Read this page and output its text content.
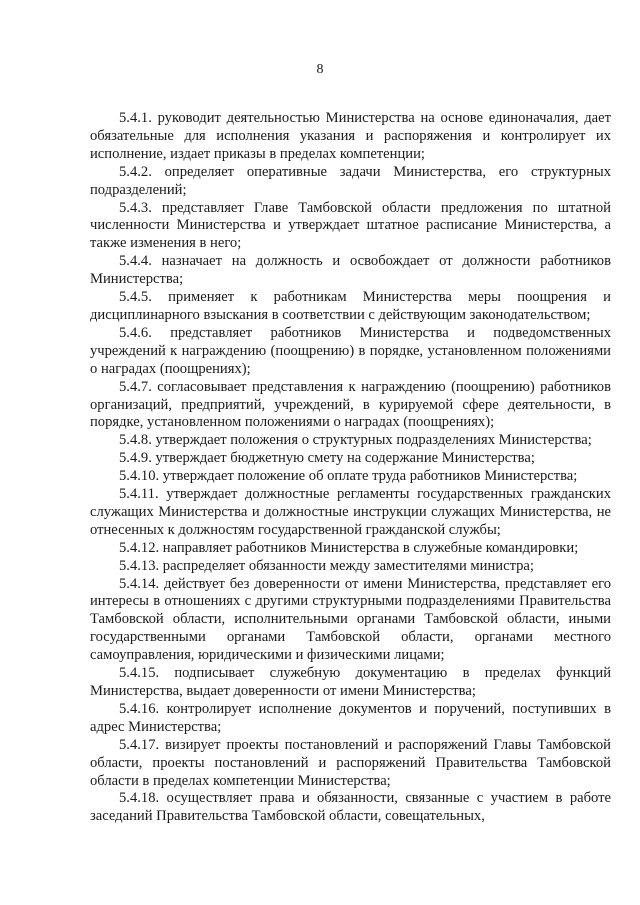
8

5.4.1. руководит деятельностью Министерства на основе единоначалия, дает обязательные для исполнения указания и распоряжения и контролирует их исполнение, издает приказы в пределах компетенции;

5.4.2. определяет оперативные задачи Министерства, его структурных подразделений;

5.4.3. представляет Главе Тамбовской области предложения по штатной численности Министерства и утверждает штатное расписание Министерства, а также изменения в него;

5.4.4. назначает на должность и освобождает от должности работников Министерства;

5.4.5. применяет к работникам Министерства меры поощрения и дисциплинарного взыскания в соответствии с действующим законодательством;

5.4.6. представляет работников Министерства и подведомственных учреждений к награждению (поощрению) в порядке, установленном положениями о наградах (поощрениях);

5.4.7. согласовывает представления к награждению (поощрению) работников организаций, предприятий, учреждений, в курируемой сфере деятельности, в порядке, установленном положениями о наградах (поощрениях);

5.4.8. утверждает положения о структурных подразделениях Министерства;

5.4.9. утверждает бюджетную смету на содержание Министерства;

5.4.10. утверждает положение об оплате труда работников Министерства;

5.4.11. утверждает должностные регламенты государственных гражданских служащих Министерства и должностные инструкции служащих Министерства, не отнесенных к должностям государственной гражданской службы;

5.4.12. направляет работников Министерства в служебные командировки;

5.4.13. распределяет обязанности между заместителями министра;

5.4.14. действует без доверенности от имени Министерства, представляет его интересы в отношениях с другими структурными подразделениями Правительства Тамбовской области, исполнительными органами Тамбовской области, иными государственными органами Тамбовской области, органами местного самоуправления, юридическими и физическими лицами;

5.4.15. подписывает служебную документацию в пределах функций Министерства, выдает доверенности от имени Министерства;

5.4.16. контролирует исполнение документов и поручений, поступивших в адрес Министерства;

5.4.17. визирует проекты постановлений и распоряжений Главы Тамбовской области, проекты постановлений и распоряжений Правительства Тамбовской области в пределах компетенции Министерства;

5.4.18. осуществляет права и обязанности, связанные с участием в работе заседаний Правительства Тамбовской области, совещательных,
